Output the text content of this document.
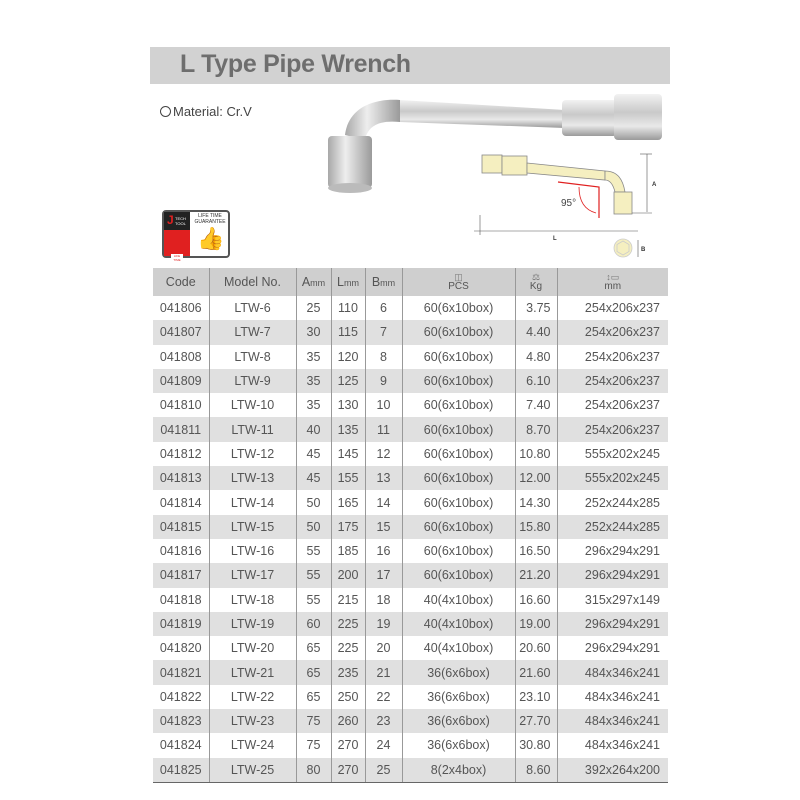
L Type Pipe Wrench
Material: Cr.V
J TECH TOOL
LIFE TIME
LIFE TIME GUARANTEE
👍
95°
A
L
B
Code	Model No.	Amm	Lmm	Bmm	
◫
PCS

⚖
Kg

↕▭
mm

041806	LTW-6	25	110	6	60(6x10box)	3.75	254x206x237
041807	LTW-7	30	115	7	60(6x10box)	4.40	254x206x237
041808	LTW-8	35	120	8	60(6x10box)	4.80	254x206x237
041809	LTW-9	35	125	9	60(6x10box)	6.10	254x206x237
041810	LTW-10	35	130	10	60(6x10box)	7.40	254x206x237
041811	LTW-11	40	135	11	60(6x10box)	8.70	254x206x237
041812	LTW-12	45	145	12	60(6x10box)	10.80	555x202x245
041813	LTW-13	45	155	13	60(6x10box)	12.00	555x202x245
041814	LTW-14	50	165	14	60(6x10box)	14.30	252x244x285
041815	LTW-15	50	175	15	60(6x10box)	15.80	252x244x285
041816	LTW-16	55	185	16	60(6x10box)	16.50	296x294x291
041817	LTW-17	55	200	17	60(6x10box)	21.20	296x294x291
041818	LTW-18	55	215	18	40(4x10box)	16.60	315x297x149
041819	LTW-19	60	225	19	40(4x10box)	19.00	296x294x291
041820	LTW-20	65	225	20	40(4x10box)	20.60	296x294x291
041821	LTW-21	65	235	21	36(6x6box)	21.60	484x346x241
041822	LTW-22	65	250	22	36(6x6box)	23.10	484x346x241
041823	LTW-23	75	260	23	36(6x6box)	27.70	484x346x241
041824	LTW-24	75	270	24	36(6x6box)	30.80	484x346x241
041825	LTW-25	80	270	25	8(2x4box)	8.60	392x264x200
